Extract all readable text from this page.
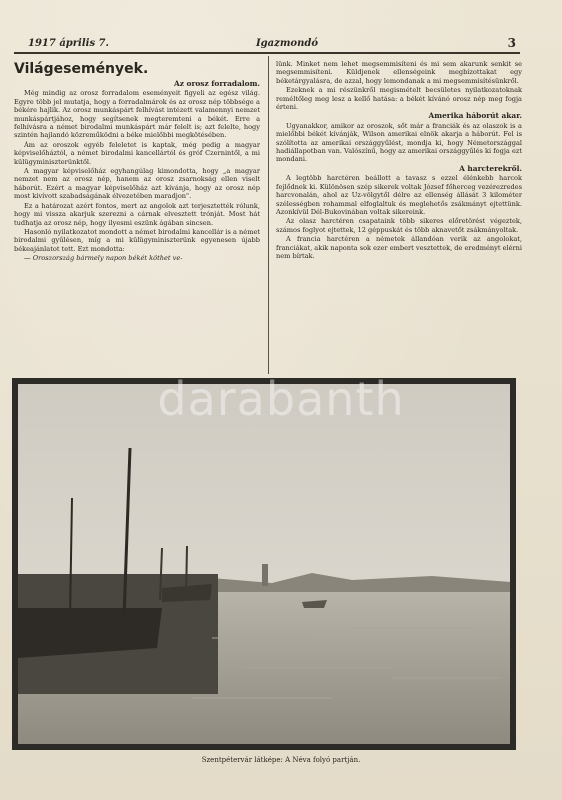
1917 április 7.	Igazmondó	3
Világesemények.

Az orosz forradalom.

Még mindig az orosz forradalom eseményeit figyeli az egész világ. Egyre több jel mutatja, hogy a forradalmárok és az orosz nép többsége a békére hajlik. Az orosz munkáspárt felhívást intézett valamennyi nemzet munkáspártjához, hogy segítsenek megteremteni a békét. Erre a felhívásra a német birodalmi munkáspárt már felelt is; azt felelte, hogy szintén hajlandó közreműködni a béke mielőbbi megkötésében.

Ám az oroszok egyéb feleletet is kaptak, még pedig a magyar képviselőháztól, a német birodalmi kancellártól és gróf Czernintől, a mi külügyminiszterünktől.

A magyar képviselőház egyhangúlag kimondotta, hogy „a magyar nemzet nem az orosz nép, hanem az orosz zsarnokság ellen viselt háborút. Ezért a magyar képviselőház azt kívánja, hogy az orosz nép most kivívott szabadságának élvezetében maradjon".

Ez a határozat azért fontos, mert az angolok azt terjesztették rólunk, hogy mi vissza akarjuk szerezni a cárnak elvesztett trónját. Most hát tudhatja az orosz nép, hogy ilyesmi eszünk ágában sincsen.

Hasonló nyilatkozatot mondott a német birodalmi kancellár is a német birodalmi gyűlésen, míg a mi külügyminiszterünk egyenesen újabb békeajánlatot tett. Ezt mondotta:

— Oroszország bármely napon békét köthet ve-

lünk. Minket nem lehet megsemmisíteni és mi sem akarunk senkit se megsemmisíteni. Küldjenek ellenségeink megbízottakat egy béketárgyalásra, de azzal, hogy lemondanak a mi megsemmisítésünkről.

Ezeknek a mi részünkről megismételt becsületes nyilatkozatoknak reméltőleg meg lesz a kellő hatása: a békét kívánó orosz nép meg fogja érteni.

Amerika háborút akar.

Ugyanakkor, amikor az oroszok, sőt már a franciák és az olaszok is a mielőbbi békét kívánják, Wilson amerikai elnök akarja a háborút. Fel is szólította az amerikai országgyűlést, mondja ki, hogy Németországgal hadiállapotban van. Valószínű, hogy az amerikai országgyűlés ki fogja ezt mondani.

A harcterekről.

A legtöbb harctéren beállott a tavasz s ezzel élénkebb harcok fejlődnek ki. Különösen szép sikerek voltak József főherceg vezérezredes harcvonalán, ahol az Uz-völgytől délre az ellenség állását 3 kilométer szélességben rohammal elfoglaltuk és meglehetős zsákmányt ejtettünk. Azonkívül Dél-Bukovinában voltak sikereink.

Az olasz harctéren csapataink több sikeres előretörést végeztek, számos foglyot ejtettek, 12 géppuskát és több aknavetőt zsákmányoltak.

A francia harctéren a németek állandóan verik az angolokat, franciákat, akik naponta sok ezer embert vesztettek, de eredményt elérni nem bírtak.

darabanth
Szentpétervár látképe: A Néva folyó partján.
